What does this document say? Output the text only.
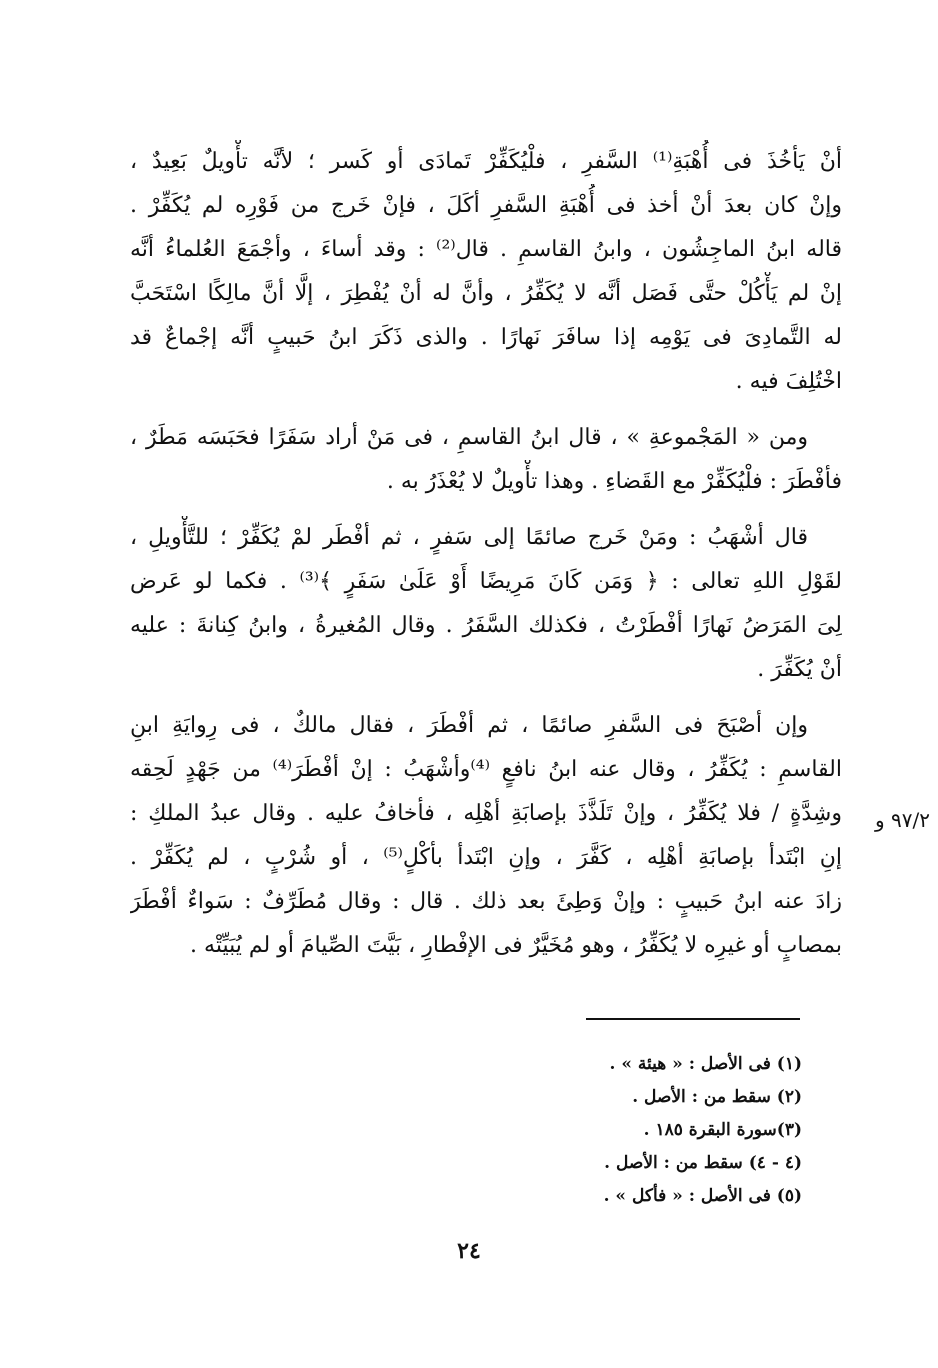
أنْ يَأخُذَ فى أُهْبَةِ⁽¹⁾ السَّفرِ ، فلْيُكَفِّرْ تَمادَى أو كَسر ؛ لأنَّه تأْويلٌ بَعِيدٌ ،
وإنْ كان بعدَ أنْ أخذ فى أُهْبَةِ السَّفرِ أكَلَ ، فإنْ خَرج من فَوْرِه لم يُكَفِّرْ .
قاله ابنُ الماجِشُون ، وابنُ القاسمِ . قال⁽²⁾ : وقد أساءَ ، وأجْمَعَ العُلماءُ أنَّه
إنْ لم يَأْكُلْ حتَّى فَصَل أنَّه لا يُكَفِّرُ ، وأنَّ له أنْ يُفْطِرَ ، إلَّا أنَّ مالِكًا اسْتَحَبَّ
له التَّمادِىَ فى يَوْمِه إذا سافَرَ نَهارًا . والذى ذَكَرَ ابنُ حَبيبٍ أنَّه إجْماعٌ قد
اخْتُلِفَ فيه .
ومن « المَجْموعةِ » ، قال ابنُ القاسمِ ، فى مَنْ أراد سَفَرًا فحَبَسَه مَطَرٌ ،
فأفْطَرَ : فلْيُكَفِّرْ مع القَضاءِ . وهذا تأْويلٌ لا يُعْذَرُ به .
قال أشْهَبُ : ومَنْ خَرج صائمًا إلى سَفرٍ ، ثم أفْطَر لمْ يُكَفِّرْ ؛ للتَّأْويلِ ،
لقَوْلِ اللهِ تعالى : ﴿ وَمَن كَانَ مَرِيضًا أَوْ عَلَىٰ سَفَرٍ ﴾⁽³⁾ . فكما لو عَرض
لِىَ المَرَضُ نَهارًا أفْطَرْتُ ، فكذلك السَّفَرُ . وقال المُغيرةُ ، وابنُ كِنانةَ : عليه
أنْ يُكَفِّرَ .
وإن أصْبَحَ فى السَّفرِ صائمًا ، ثم أفْطَرَ ، فقال مالكٌ ، فى رِوايَةِ ابنِ
القاسمِ : يُكَفِّرُ ، وقال عنه ابنُ نافعٍ ⁽⁴⁾وأشْهَبُ : إنْ أفْطَرَ⁽⁴⁾ من جَهْدٍ لَحِقه
وشِدَّةٍ / فلا يُكَفِّرُ ، وإنْ تَلَذَّذَ بإصابَةِ أهْلِه ، فأخافُ عليه . وقال عبدُ الملكِ :
إنِ ابْتَدأ بإصابَةِ أهْلِه ، كَفَّرَ ، وإنِ ابْتَدأ بأكْلٍ⁽⁵⁾ ، أو شُرْبٍ ، لم يُكَفِّرْ .
زادَ عنه ابنُ حَبيبٍ : وإنْ وَطِئَ بعد ذلك . قال : وقال مُطَرِّفٌ : سَواءٌ أفْطَرَ
بمصابٍ أو غيرِه لا يُكَفِّرُ ، وهو مُخَيَّرٌ فى الإفْطارِ ، بَيَّتَ الصِّيامَ أو لم يُبَيِّتْه .
٩٧/٢ و
(١) فى الأصل : « هيئة » .
(٢) سقط من : الأصل .
(٣)سورة البقرة ١٨٥ .
(٤ - ٤) سقط من : الأصل .
(٥) فى الأصل : « فأكل » .
٢٤
